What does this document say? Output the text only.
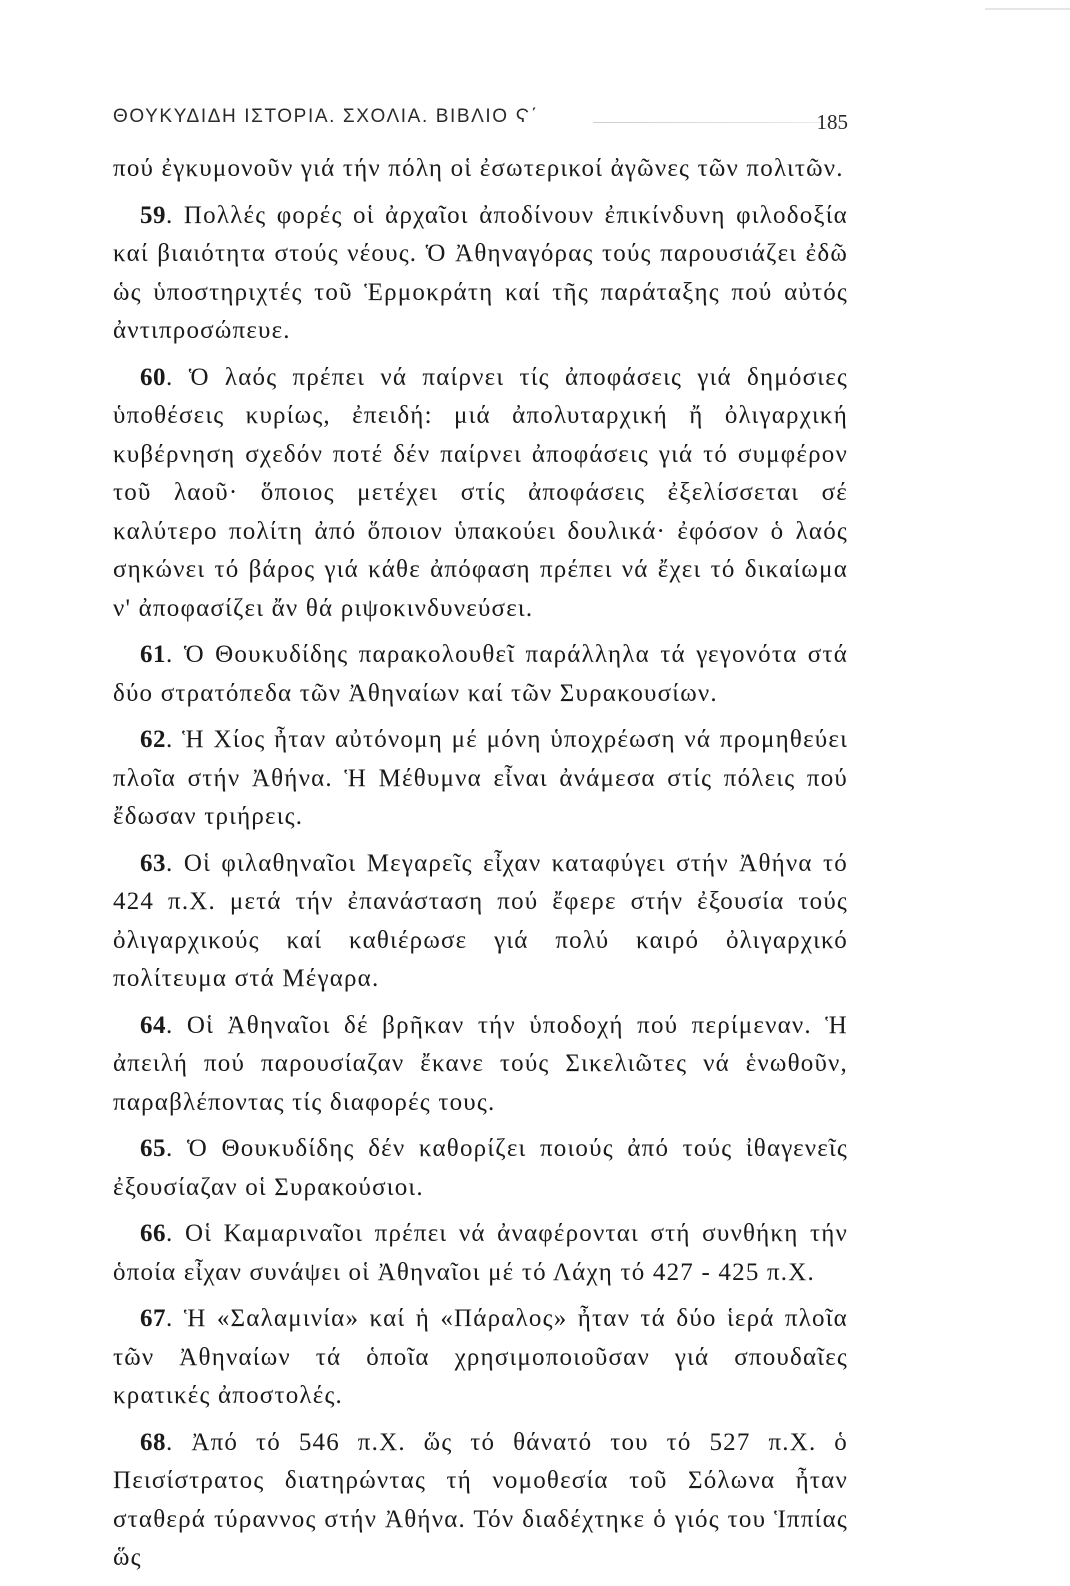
ΘΟΥΚΥΔΙΔΗ ΙΣΤΟΡΙΑ. ΣΧΟΛΙΑ. ΒΙΒΛΙΟ Ϛ΄	185

πού ἐγκυμονοῦν γιά τήν πόλη οἱ ἐσωτερικοί ἀγῶνες τῶν πολιτῶν.

59. Πολλές φορές οἱ ἀρχαῖοι ἀποδίνουν ἐπικίνδυνη φιλοδοξία καί βιαιότητα στούς νέους. Ὁ Ἀθηναγόρας τούς παρουσιάζει ἐδῶ ὡς ὑποστηριχτές τοῦ Ἑρμοκράτη καί τῆς παράταξης πού αὐτός ἀντιπροσώπευε.

60. Ὁ λαός πρέπει νά παίρνει τίς ἀποφάσεις γιά δημόσιες ὑποθέσεις κυρίως, ἐπειδή: μιά ἀπολυταρχική ἤ ὀλιγαρχική κυβέρνηση σχεδόν ποτέ δέν παίρνει ἀποφάσεις γιά τό συμφέρον τοῦ λαοῦ· ὅποιος μετέχει στίς ἀποφάσεις ἐξελίσσεται σέ καλύτερο πολίτη ἀπό ὅποιον ὑπακούει δουλικά· ἐφόσον ὁ λαός σηκώνει τό βάρος γιά κάθε ἀπόφαση πρέπει νά ἔχει τό δικαίωμα ν' ἀποφασίζει ἄν θά ριψοκινδυνεύσει.

61. Ὁ Θουκυδίδης παρακολουθεῖ παράλληλα τά γεγονότα στά δύο στρατόπεδα τῶν Ἀθηναίων καί τῶν Συρακουσίων.

62. Ἡ Χίος ἦταν αὐτόνομη μέ μόνη ὑποχρέωση νά προμηθεύει πλοῖα στήν Ἀθήνα. Ἡ Μέθυμνα εἶναι ἀνάμεσα στίς πόλεις πού ἔδωσαν τριήρεις.

63. Οἱ φιλαθηναῖοι Μεγαρεῖς εἶχαν καταφύγει στήν Ἀθήνα τό 424 π.Χ. μετά τήν ἐπανάσταση πού ἔφερε στήν ἐξουσία τούς ὀλιγαρχικούς καί καθιέρωσε γιά πολύ καιρό ὀλιγαρχικό πολίτευμα στά Μέγαρα.

64. Οἱ Ἀθηναῖοι δέ βρῆκαν τήν ὑποδοχή πού περίμεναν. Ἡ ἀπειλή πού παρουσίαζαν ἔκανε τούς Σικελιῶτες νά ἑνωθοῦν, παραβλέποντας τίς διαφορές τους.

65. Ὁ Θουκυδίδης δέν καθορίζει ποιούς ἀπό τούς ἰθαγενεῖς ἐξουσίαζαν οἱ Συρακούσιοι.

66. Οἱ Καμαριναῖοι πρέπει νά ἀναφέρονται στή συνθήκη τήν ὁποία εἶχαν συνάψει οἱ Ἀθηναῖοι μέ τό Λάχη τό 427 - 425 π.Χ.

67. Ἡ «Σαλαμινία» καί ἡ «Πάραλος» ἦταν τά δύο ἱερά πλοῖα τῶν Ἀθηναίων τά ὁποῖα χρησιμοποιοῦσαν γιά σπουδαῖες κρατικές ἀποστολές.

68. Ἀπό τό 546 π.Χ. ὥς τό θάνατό του τό 527 π.Χ. ὁ Πεισίστρατος διατηρώντας τή νομοθεσία τοῦ Σόλωνα ἦταν σταθερά τύραννος στήν Ἀθήνα. Τόν διαδέχτηκε ὁ γιός του Ἱππίας ὥς
